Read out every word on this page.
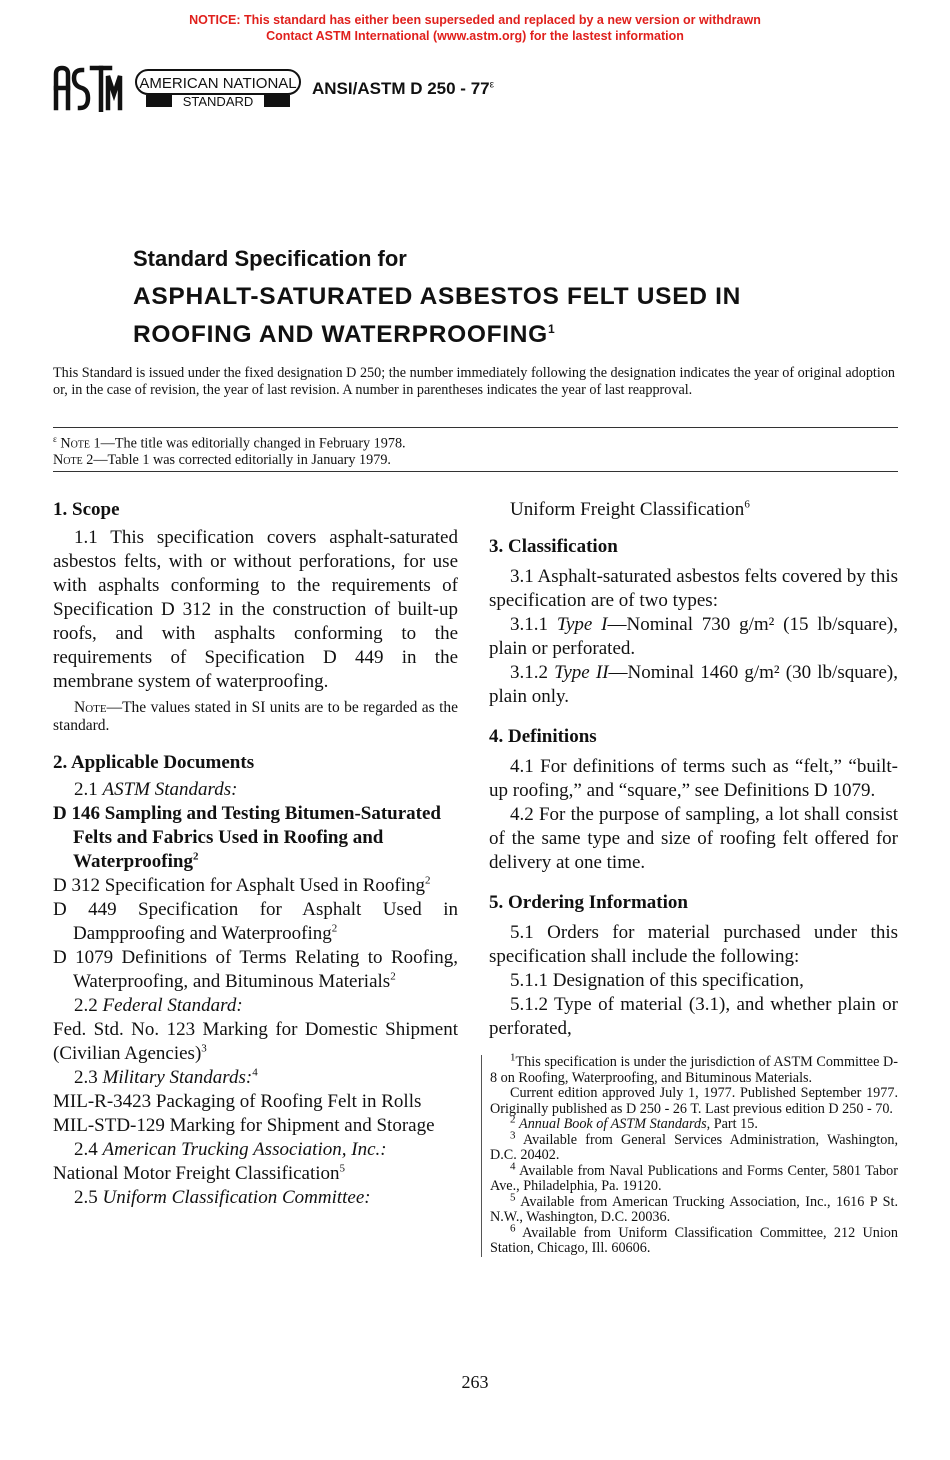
NOTICE: This standard has either been superseded and replaced by a new version or withdrawn
Contact ASTM International (www.astm.org) for the lastest information
AMERICAN NATIONAL
STANDARD
ANSI/ASTM D $250 - 77^\varepsilon$
Standard Specification for
ASPHALT-SATURATED ASBESTOS FELT USED IN
ROOFING AND WATERPROOFING$^1$
This Standard is issued under the fixed designation D 250; the number immediately following the designation indicates the year of original adoption or, in the case of revision, the year of last revision. A number in parentheses indicates the year of last reapproval.
$^\varepsilon$ Note 1—The title was editorially changed in February 1978.
Note 2—Table 1 was corrected editorially in January 1979.
1. Scope

1.1 This specification covers asphalt-saturated asbestos felts, with or without perforations, for use with asphalts conforming to the requirements of Specification D 312 in the construction of built-up roofs, and with asphalts conforming to the requirements of Specification D 449 in the membrane system of waterproofing.

Note—The values stated in SI units are to be regarded as the standard.

2. Applicable Documents

2.1 ASTM Standards:

D 146 Sampling and Testing Bitumen-Saturated Felts and Fabrics Used in Roofing and Waterproofing$^2$

D 312 Specification for Asphalt Used in Roofing$^2$

D 449 Specification for Asphalt Used in Dampproofing and Waterproofing$^2$

D 1079 Definitions of Terms Relating to Roofing, Waterproofing, and Bituminous Materials$^2$

2.2 Federal Standard:

Fed. Std. No. 123 Marking for Domestic Shipment (Civilian Agencies)$^3$

2.3 Military Standards:$^4$

MIL-R-3423 Packaging of Roofing Felt in Rolls

MIL-STD-129 Marking for Shipment and Storage

2.4 American Trucking Association, Inc.:

National Motor Freight Classification$^5$

2.5 Uniform Classification Committee:

Uniform Freight Classification$^6$

3. Classification

3.1 Asphalt-saturated asbestos felts covered by this specification are of two types:

3.1.1 Type I—Nominal 730 g/m² (15 lb/square), plain or perforated.

3.1.2 Type II—Nominal 1460 g/m² (30 lb/square), plain only.

4. Definitions

4.1 For definitions of terms such as “felt,” “built-up roofing,” and “square,” see Definitions D 1079.

4.2 For the purpose of sampling, a lot shall consist of the same type and size of roofing felt offered for delivery at one time.

5. Ordering Information

5.1 Orders for material purchased under this specification shall include the following:

5.1.1 Designation of this specification,

5.1.2 Type of material (3.1), and whether plain or perforated,

$^1$This specification is under the jurisdiction of ASTM Committee D-8 on Roofing, Waterproofing, and Bituminous Materials.

Current edition approved July 1, 1977. Published September 1977. Originally published as D 250 - 26 T. Last previous edition D 250 - 70.

$^2$ Annual Book of ASTM Standards, Part 15.

$^3$ Available from General Services Administration, Washington, D.C. 20402.

$^4$ Available from Naval Publications and Forms Center, 5801 Tabor Ave., Philadelphia, Pa. 19120.

$^5$ Available from American Trucking Association, Inc., 1616 P St. N.W., Washington, D.C. 20036.

$^6$ Available from Uniform Classification Committee, 212 Union Station, Chicago, Ill. 60606.

263
